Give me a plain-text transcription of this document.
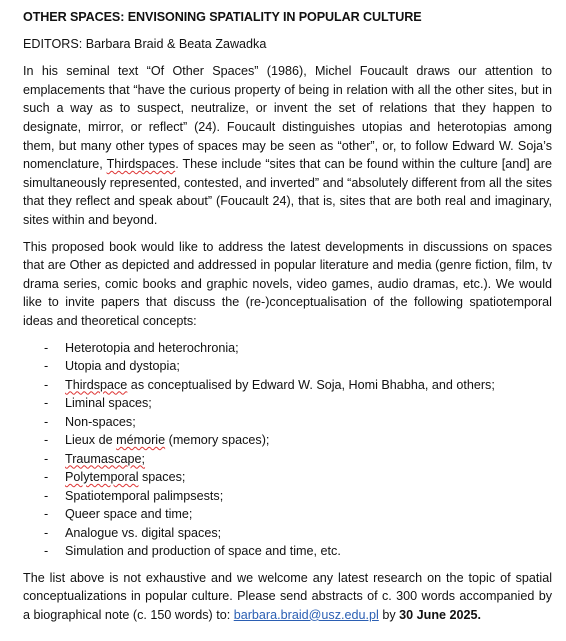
OTHER SPACES: ENVISONING SPATIALITY IN POPULAR CULTURE
EDITORS: Barbara Braid & Beata Zawadka

In his seminal text “Of Other Spaces” (1986), Michel Foucault draws our attention to emplacements that “have the curious property of being in relation with all the other sites, but in such a way as to suspect, neutralize, or invent the set of relations that they happen to designate, mirror, or reflect” (24). Foucault distinguishes utopias and heterotopias among them, but many other types of spaces may be seen as “other”, or, to follow Edward W. Soja’s nomenclature, Thirdspaces. These include “sites that can be found within the culture [and] are simultaneously represented, contested, and inverted” and “absolutely different from all the sites that they reflect and speak about” (Foucault 24), that is, sites that are both real and imaginary, sites within and beyond.

This proposed book would like to address the latest developments in discussions on spaces that are Other as depicted and addressed in popular literature and media (genre fiction, film, tv drama series, comic books and graphic novels, video games, audio dramas, etc.). We would like to invite papers that discuss the (re-)conceptualisation of the following spatiotemporal ideas and theoretical concepts:

- Heterotopia and heterochronia;
- Utopia and dystopia;
- Thirdspace as conceptualised by Edward W. Soja, Homi Bhabha, and others;
- Liminal spaces;
- Non-spaces;
- Lieux de mémorie (memory spaces);
- Traumascape;
- Polytemporal spaces;
- Spatiotemporal palimpsests;
- Queer space and time;
- Analogue vs. digital spaces;
- Simulation and production of space and time, etc.

The list above is not exhaustive and we welcome any latest research on the topic of spatial conceptualizations in popular culture. Please send abstracts of c. 300 words accompanied by a biographical note (c. 150 words) to: barbara.braid@usz.edu.pl by 30 June 2025.
